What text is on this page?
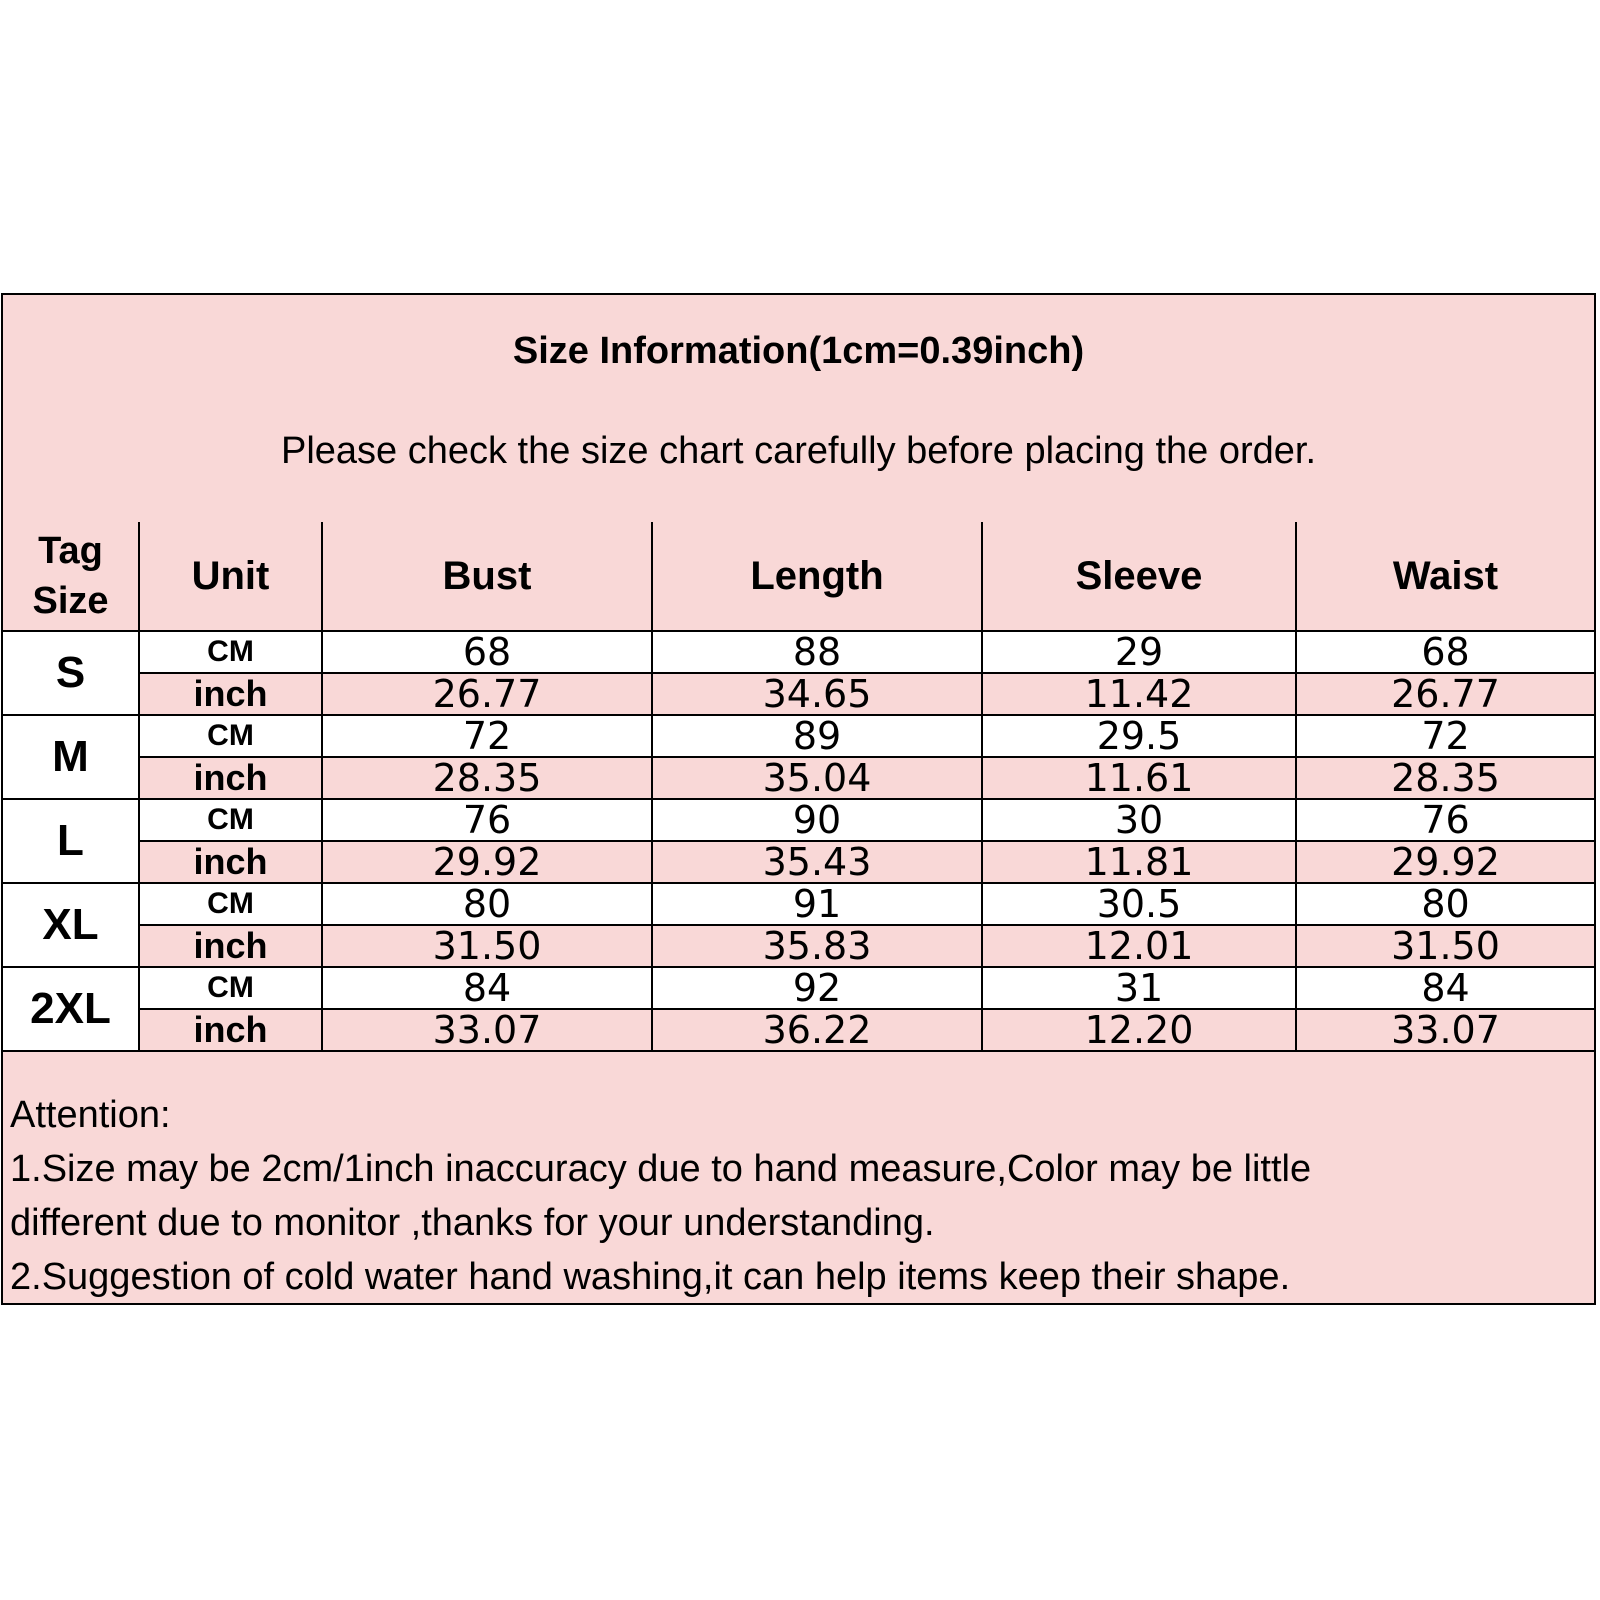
Size Information(1cm=0.39inch)
Please check the size chart carefully before placing the order.
Tag Size	Unit	Bust	Length	Sleeve	Waist
S	CM	68	88	29	68
	inch	26.77	34.65	11.42	26.77
M	CM	72	89	29.5	72
	inch	28.35	35.04	11.61	28.35
L	CM	76	90	30	76
	inch	29.92	35.43	11.81	29.92
XL	CM	80	91	30.5	80
	inch	31.50	35.83	12.01	31.50
2XL	CM	84	92	31	84
	inch	33.07	36.22	12.20	33.07
Attention:
1.Size may be 2cm/1inch inaccuracy due to hand measure,Color may be little
different due to monitor ,thanks for your understanding.
2.Suggestion of cold water hand washing,it can help items keep their shape.
